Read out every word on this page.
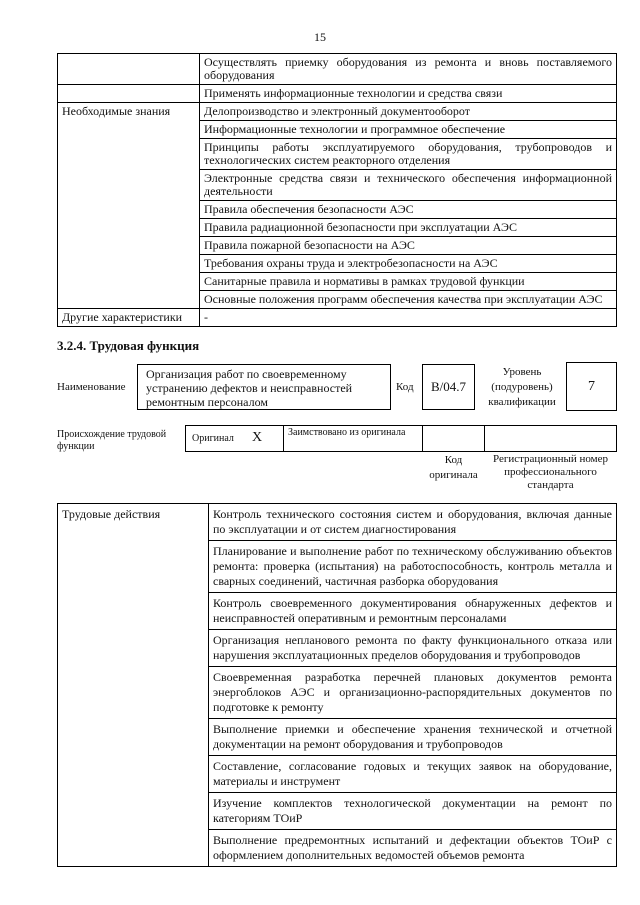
15
	Осуществлять приемку оборудования из ремонта и вновь поставляемого оборудования
	Применять информационные технологии и средства связи
Необходимые знания	Делопроизводство и электронный документооборот
	Информационные технологии и программное обеспечение
	Принципы работы эксплуатируемого оборудования, трубопроводов и технологических систем реакторного отделения
	Электронные средства связи и технического обеспечения информационной деятельности
	Правила обеспечения безопасности АЭС
	Правила радиационной безопасности при эксплуатации АЭС
	Правила пожарной безопасности на АЭС
	Требования охраны труда и электробезопасности на АЭС
	Санитарные правила и нормативы в рамках трудовой функции
	Основные положения программ обеспечения качества при эксплуатации АЭС
Другие характеристики	-
3.2.4. Трудовая функция
Наименование
Организация работ по своевременному устранению дефектов и неисправностей ремонтным персоналом
Код	B/04.7
Уровень (подуровень) квалификации
7
Происхождение трудовой функции
Оригинал X	Заимствовано из оригинала
Код оригинала
Регистрационный номер профессионального стандарта
Трудовые действия	Контроль технического состояния систем и оборудования, включая данные по эксплуатации и от систем диагностирования
Планирование и выполнение работ по техническому обслуживанию объектов ремонта: проверка (испытания) на работоспособность, контроль металла и сварных соединений, частичная разборка оборудования
Контроль своевременного документирования обнаруженных дефектов и неисправностей оперативным и ремонтным персоналами
Организация непланового ремонта по факту функционального отказа или нарушения эксплуатационных пределов оборудования и трубопроводов
Своевременная разработка перечней плановых документов ремонта энергоблоков АЭС и организационно-распорядительных документов по подготовке к ремонту
Выполнение приемки и обеспечение хранения технической и отчетной документации на ремонт оборудования и трубопроводов
Составление, согласование годовых и текущих заявок на оборудование, материалы и инструмент
Изучение комплектов технологической документации на ремонт по категориям ТОиР
Выполнение предремонтных испытаний и дефектации объектов ТОиР с оформлением дополнительных ведомостей объемов ремонта
